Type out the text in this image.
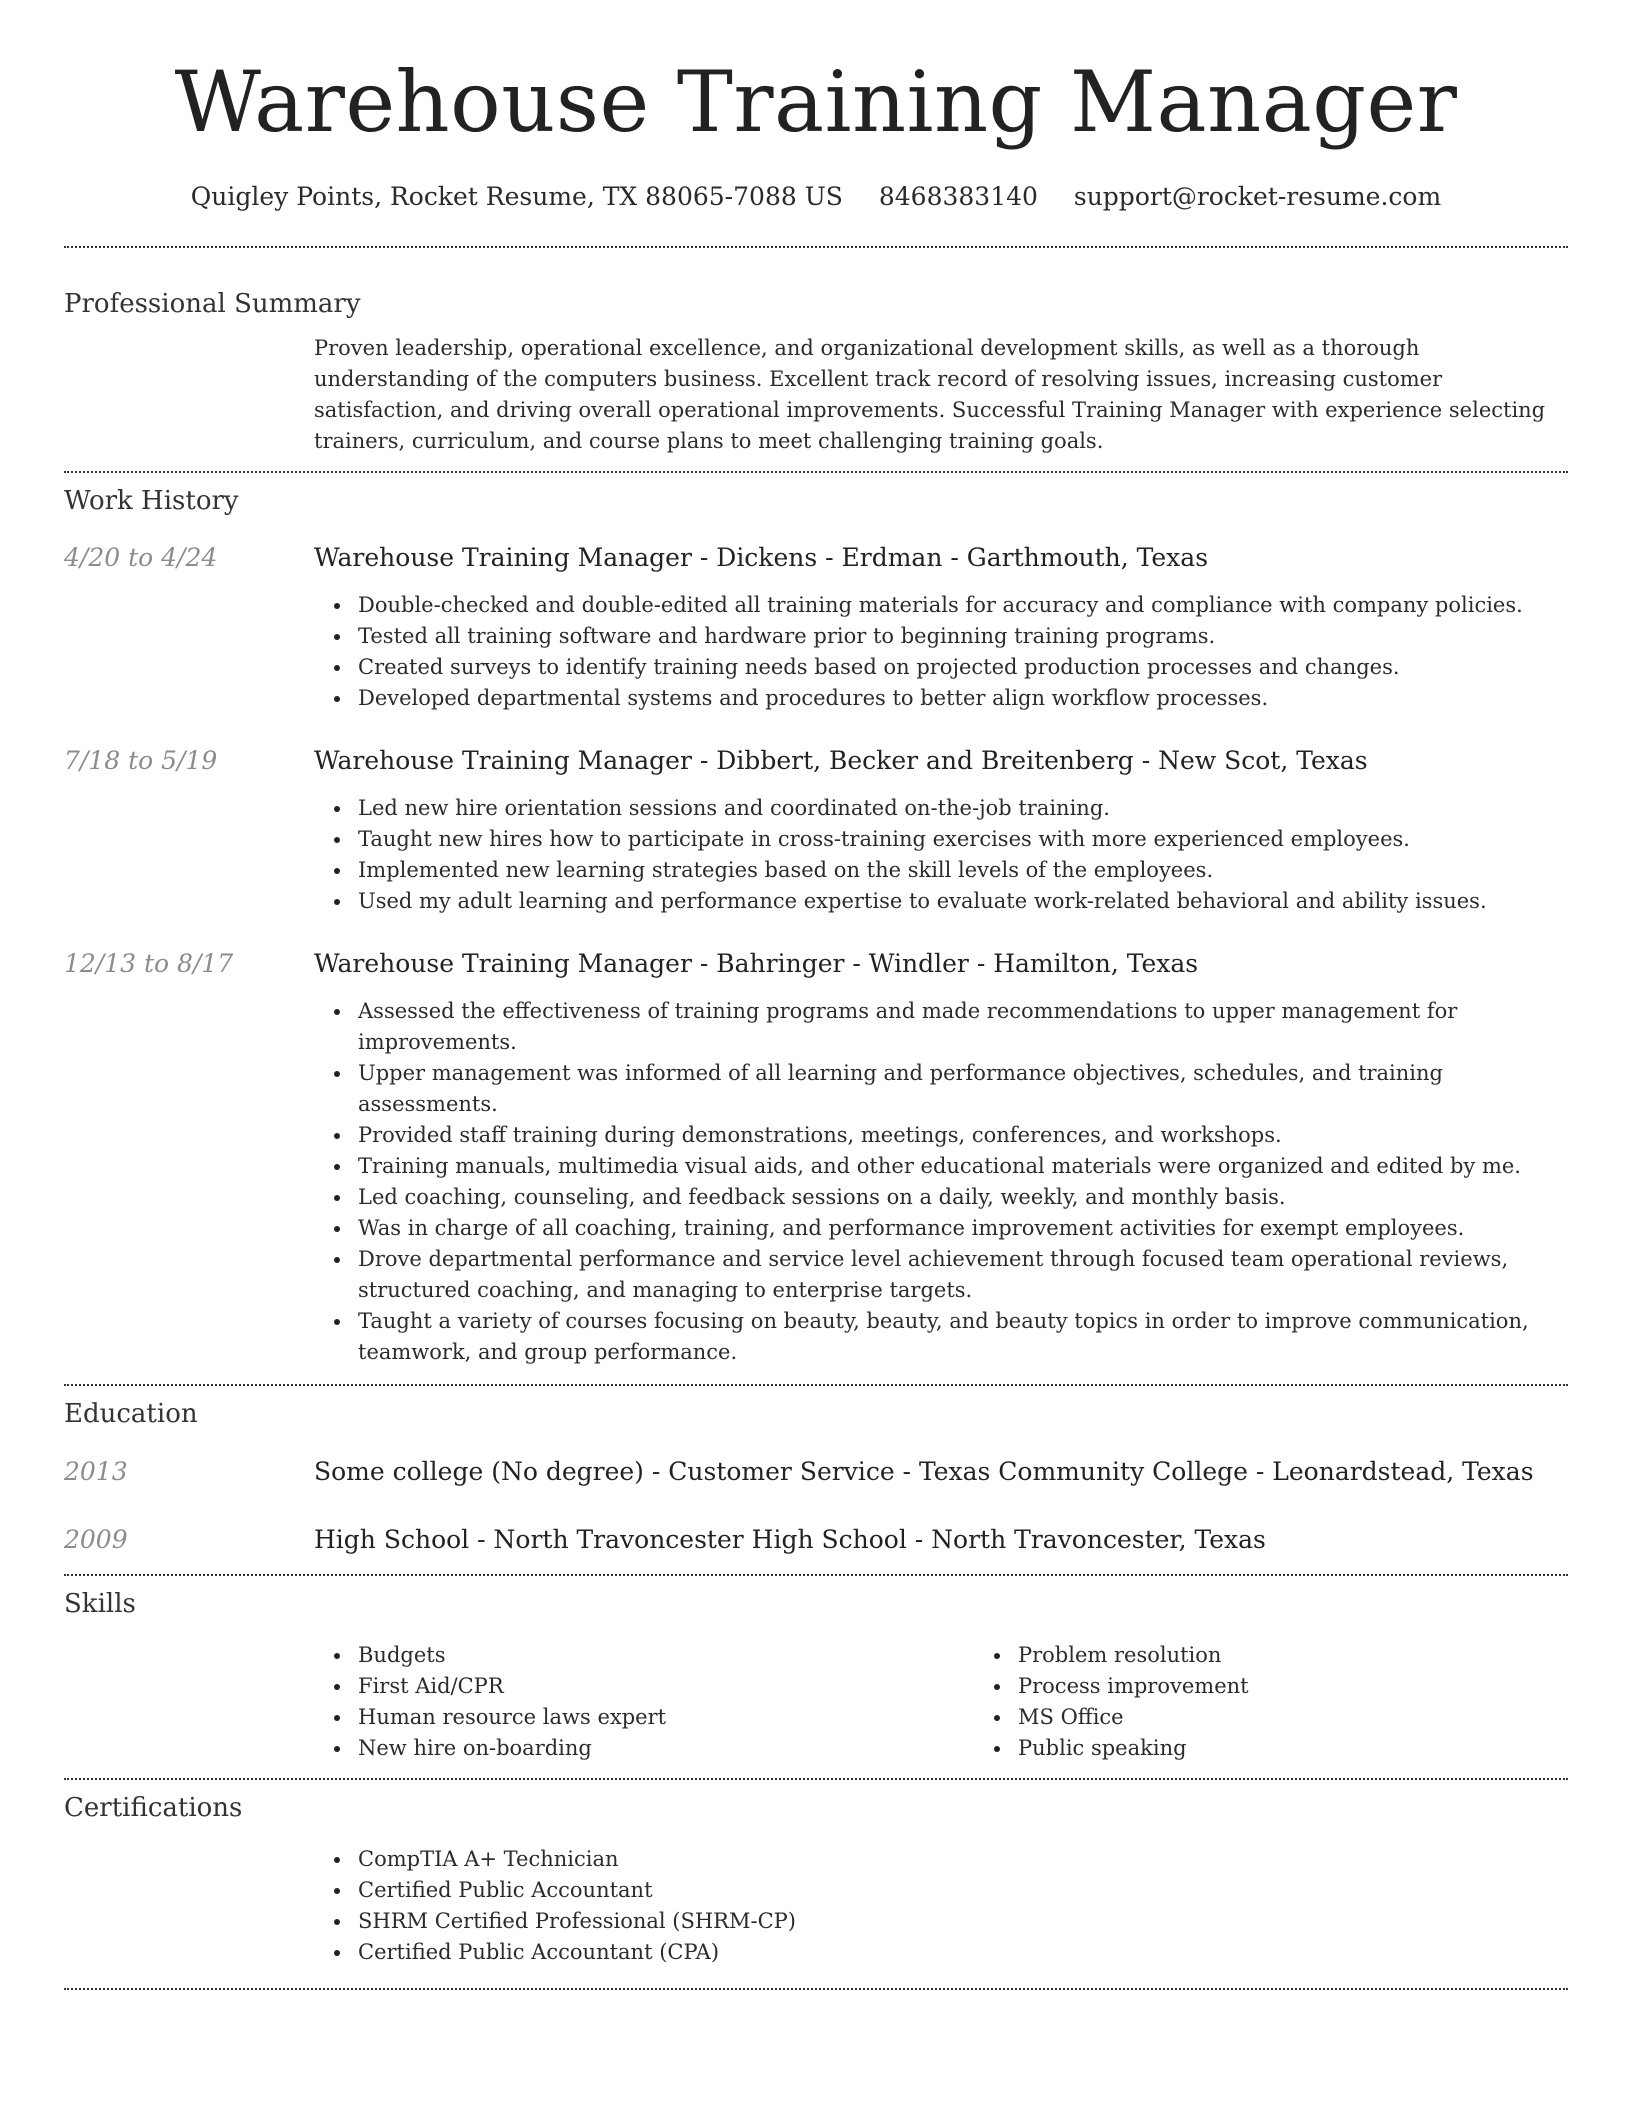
Warehouse Training Manager
Quigley Points, Rocket Resume, TX 88065-7088 US 8468383140 support@rocket-resume.com
Professional Summary
Proven leadership, operational excellence, and organizational development skills, as well as a thorough understanding of the computers business. Excellent track record of resolving issues, increasing customer satisfaction, and driving overall operational improvements. Successful Training Manager with experience selecting trainers, curriculum, and course plans to meet challenging training goals.
Work History
4/20 to 4/24	Warehouse Training Manager - Dickens - Erdman - Garthmouth, Texas
Double-checked and double-edited all training materials for accuracy and compliance with company policies.
Tested all training software and hardware prior to beginning training programs.
Created surveys to identify training needs based on projected production processes and changes.
Developed departmental systems and procedures to better align workflow processes.
7/18 to 5/19	Warehouse Training Manager - Dibbert, Becker and Breitenberg - New Scot, Texas
Led new hire orientation sessions and coordinated on-the-job training.
Taught new hires how to participate in cross-training exercises with more experienced employees.
Implemented new learning strategies based on the skill levels of the employees.
Used my adult learning and performance expertise to evaluate work-related behavioral and ability issues.
12/13 to 8/17	Warehouse Training Manager - Bahringer - Windler - Hamilton, Texas
Assessed the effectiveness of training programs and made recommendations to upper management for improvements.
Upper management was informed of all learning and performance objectives, schedules, and training assessments.
Provided staff training during demonstrations, meetings, conferences, and workshops.
Training manuals, multimedia visual aids, and other educational materials were organized and edited by me.
Led coaching, counseling, and feedback sessions on a daily, weekly, and monthly basis.
Was in charge of all coaching, training, and performance improvement activities for exempt employees.
Drove departmental performance and service level achievement through focused team operational reviews, structured coaching, and managing to enterprise targets.
Taught a variety of courses focusing on beauty, beauty, and beauty topics in order to improve communication, teamwork, and group performance.
Education
2013	Some college (No degree) - Customer Service - Texas Community College - Leonardstead, Texas
2009	High School - North Travoncester High School - North Travoncester, Texas
Skills
Budgets
First Aid/CPR
Human resource laws expert
New hire on-boarding
Problem resolution
Process improvement
MS Office
Public speaking
Certifications
CompTIA A+ Technician
Certified Public Accountant
SHRM Certified Professional (SHRM-CP)
Certified Public Accountant (CPA)
